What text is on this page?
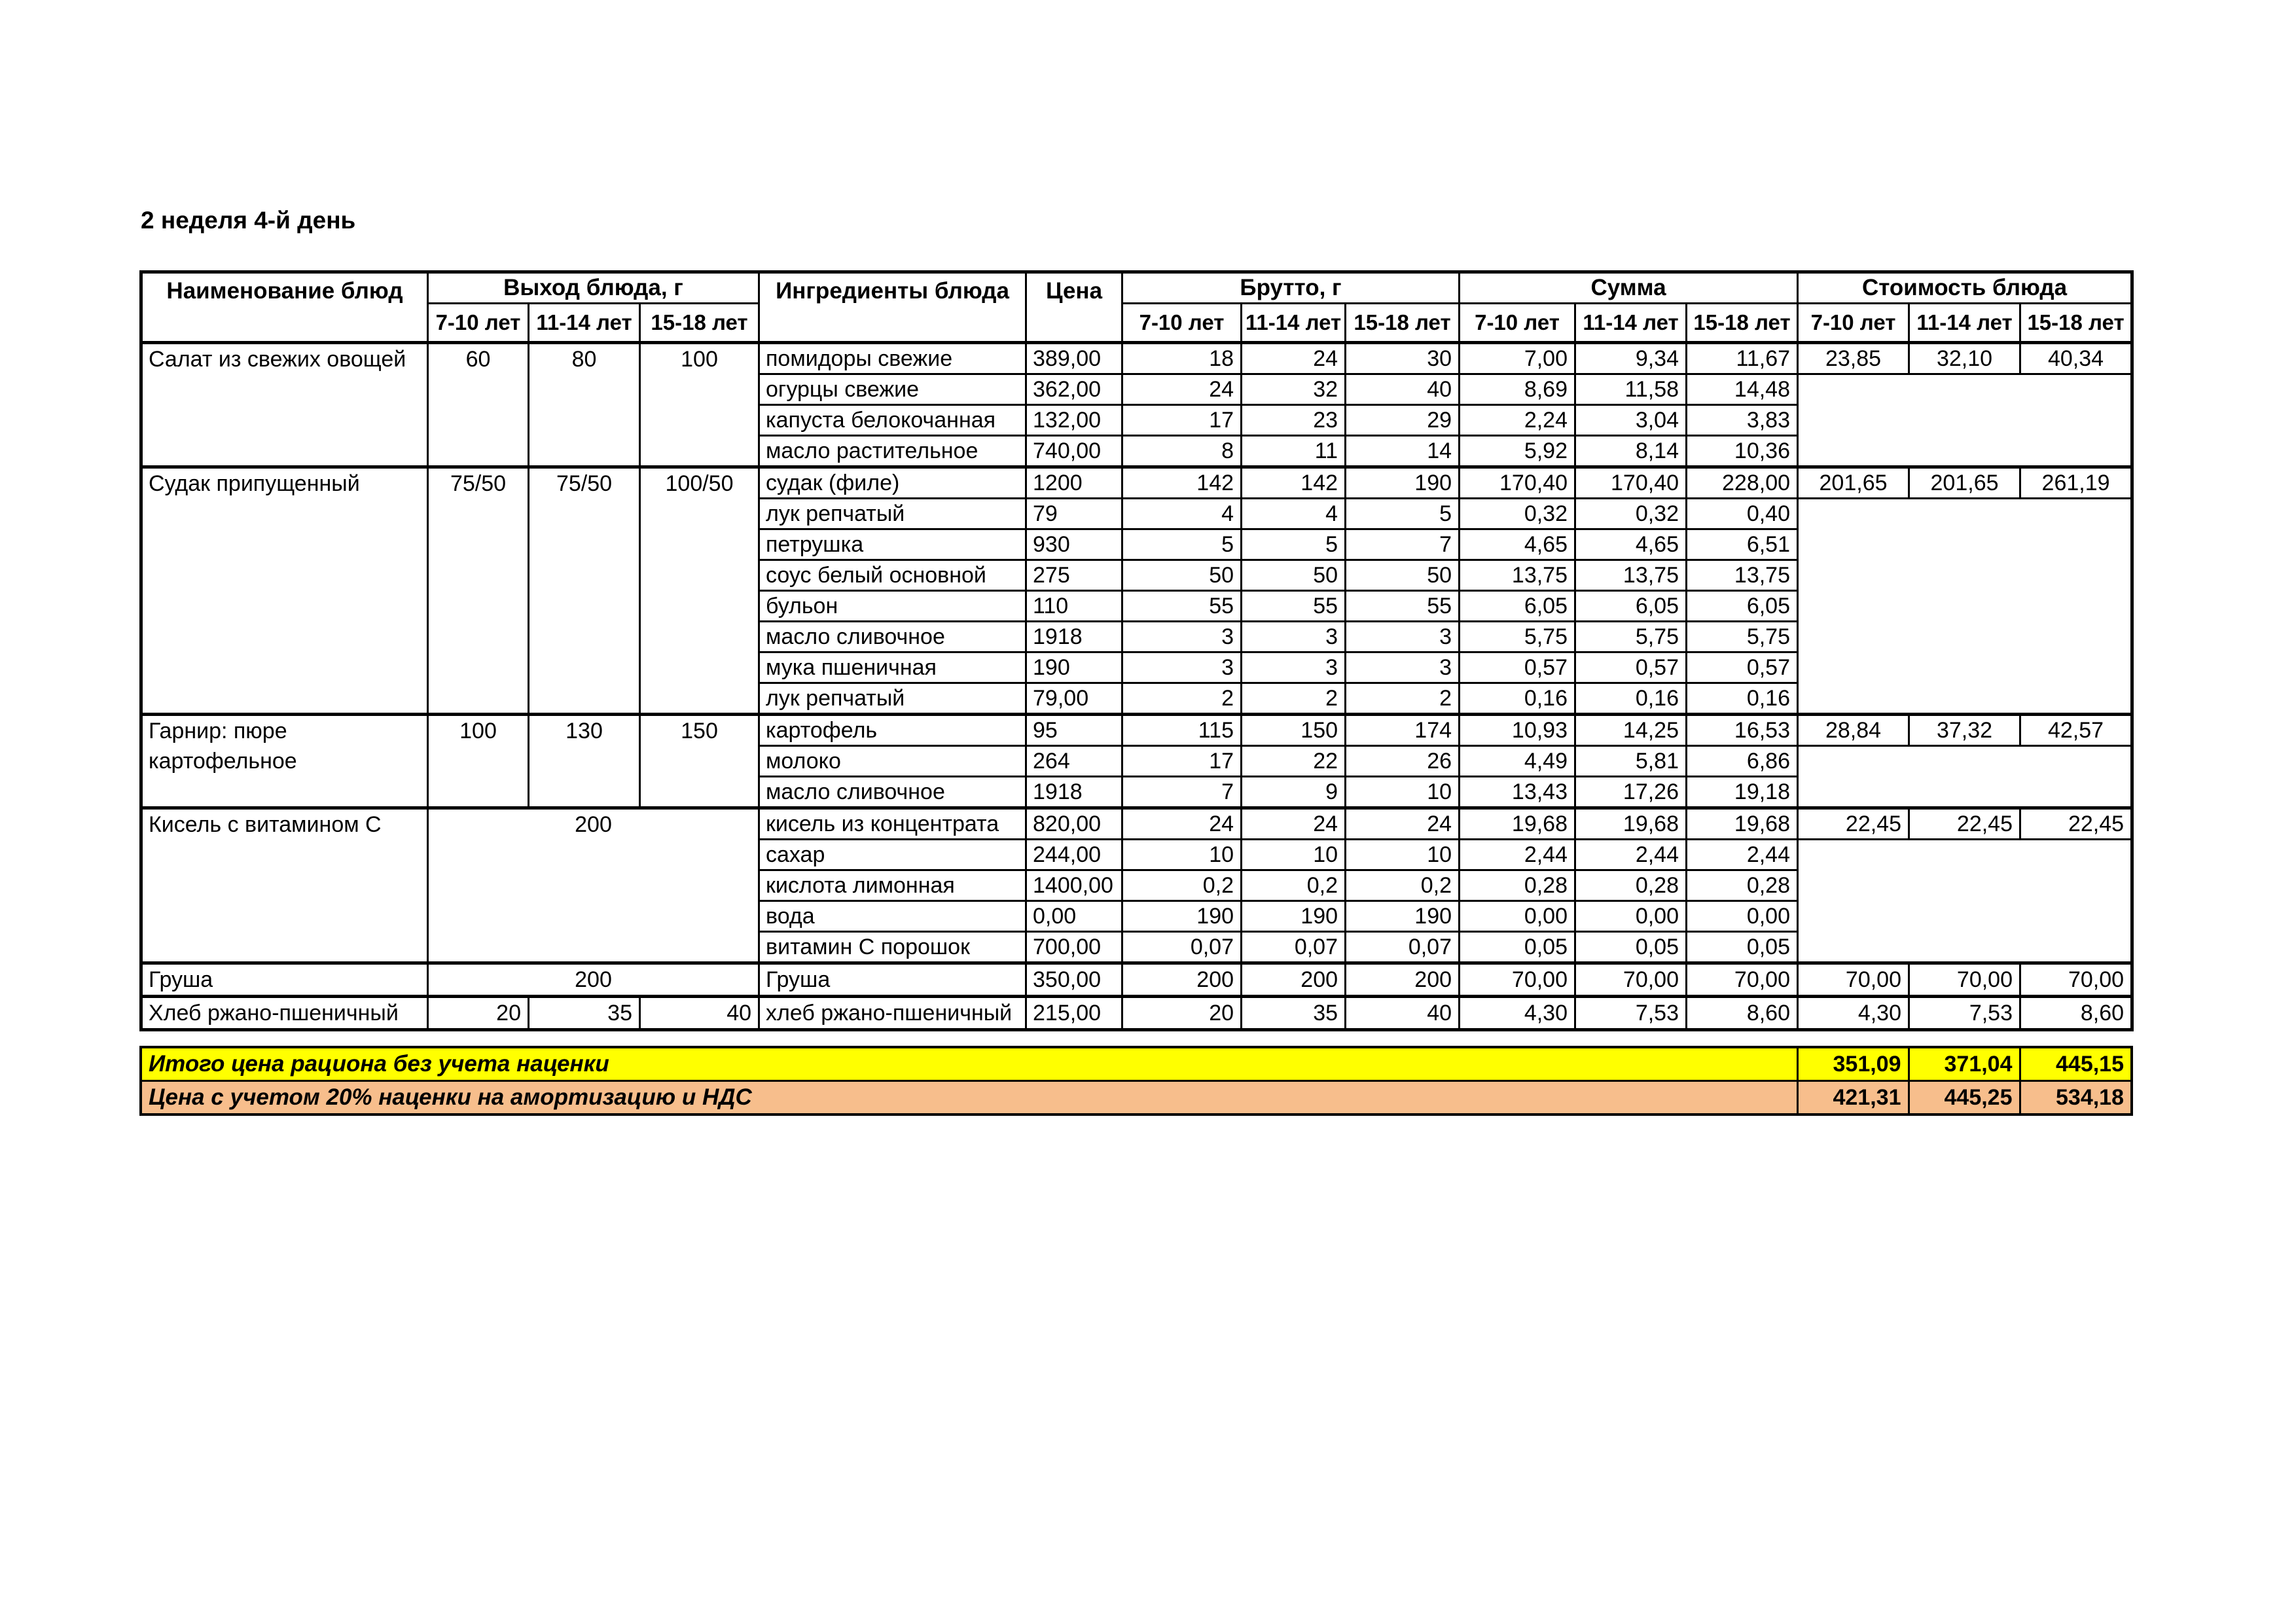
2 неделя 4-й день
Наименование блюд	Выход блюда, г			Ингредиенты блюда	Цена	Брутто, г			Сумма			Стоимость блюда		
	7-10 лет	11-14 лет	15-18 лет			7-10 лет	11-14 лет	15-18 лет	7-10 лет	11-14 лет	15-18 лет	7-10 лет	11-14 лет	15-18 лет
Салат из свежих овощей	60	80	100	помидоры свежие	389,00	18	24	30	7,00	9,34	11,67	23,85	32,10	40,34
				огурцы свежие	362,00	24	32	40	8,69	11,58	14,48			
				капуста белокочанная	132,00	17	23	29	2,24	3,04	3,83			
				масло растительное	740,00	8	11	14	5,92	8,14	10,36			
Судак припущенный	75/50	75/50	100/50	судак (филе)	1200	142	142	190	170,40	170,40	228,00	201,65	201,65	261,19
				лук репчатый	79	4	4	5	0,32	0,32	0,40			
				петрушка	930	5	5	7	4,65	4,65	6,51			
				соус белый основной	275	50	50	50	13,75	13,75	13,75			
				бульон	110	55	55	55	6,05	6,05	6,05			
				масло сливочное	1918	3	3	3	5,75	5,75	5,75			
				мука пшеничная	190	3	3	3	0,57	0,57	0,57			
				лук репчатый	79,00	2	2	2	0,16	0,16	0,16			
Гарнир: пюре картофельное	100	130	150	картофель	95	115	150	174	10,93	14,25	16,53	28,84	37,32	42,57
				молоко	264	17	22	26	4,49	5,81	6,86			
				масло сливочное	1918	7	9	10	13,43	17,26	19,18			
Кисель с витамином С	200			кисель из концентрата	820,00	24	24	24	19,68	19,68	19,68	22,45	22,45	22,45
				сахар	244,00	10	10	10	2,44	2,44	2,44			
				кислота лимонная	1400,00	0,2	0,2	0,2	0,28	0,28	0,28			
				вода	0,00	190	190	190	0,00	0,00	0,00			
				витамин С порошок	700,00	0,07	0,07	0,07	0,05	0,05	0,05			
Груша	200			Груша	350,00	200	200	200	70,00	70,00	70,00	70,00	70,00	70,00
Хлеб ржано-пшеничный	20	35	40	хлеб ржано-пшеничный	215,00	20	35	40	4,30	7,53	8,60	4,30	7,53	8,60
Итого цена рациона без учета наценки	351,09	371,04	445,15
Цена с учетом 20% наценки на амортизацию и НДС	421,31	445,25	534,18
